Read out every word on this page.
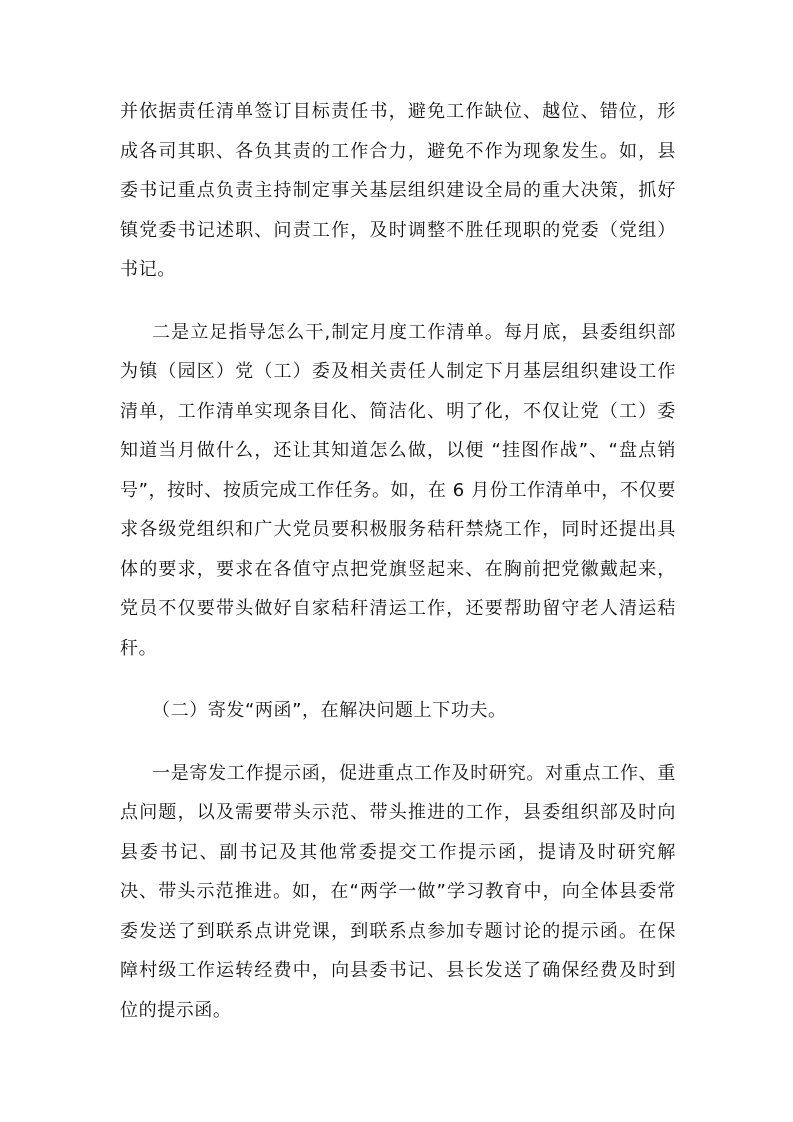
并依据责任清单签订目标责任书，避免工作缺位、越位、错位，形成各司其职、各负其责的工作合力，避免不作为现象发生。如，县委书记重点负责主持制定事关基层组织建设全局的重大决策，抓好镇党委书记述职、问责工作，及时调整不胜任现职的党委（党组）书记。

二是立足指导怎么干,制定月度工作清单。每月底，县委组织部为镇（园区）党（工）委及相关责任人制定下月基层组织建设工作清单，工作清单实现条目化、简洁化、明了化，不仅让党（工）委知道当月做什么，还让其知道怎么做，以便 “挂图作战”、“盘点销号”，按时、按质完成工作任务。如，在 6 月份工作清单中，不仅要求各级党组织和广大党员要积极服务秸秆禁烧工作，同时还提出具体的要求，要求在各值守点把党旗竖起来、在胸前把党徽戴起来，党员不仅要带头做好自家秸秆清运工作，还要帮助留守老人清运秸秆。

（二）寄发“两函”，在解决问题上下功夫。

一是寄发工作提示函，促进重点工作及时研究。对重点工作、重点问题，以及需要带头示范、带头推进的工作，县委组织部及时向县委书记、副书记及其他常委提交工作提示函，提请及时研究解决、带头示范推进。如，在“两学一做”学习教育中，向全体县委常委发送了到联系点讲党课，到联系点参加专题讨论的提示函。在保障村级工作运转经费中，向县委书记、县长发送了确保经费及时到位的提示函。
